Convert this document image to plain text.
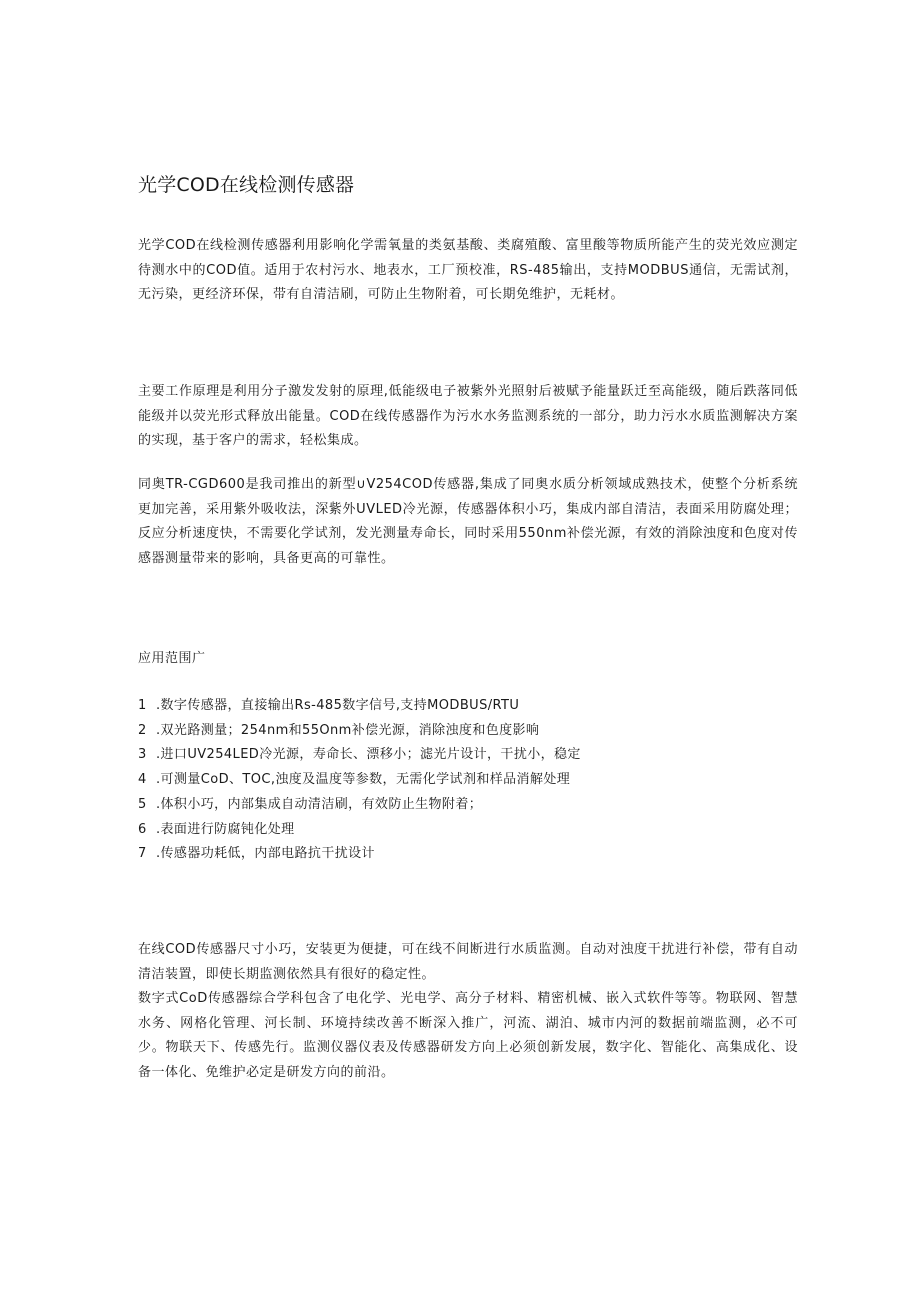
光学COD在线检测传感器

光学COD在线检测传感器利用影响化学需氧量的类氨基酸、类腐殖酸、富里酸等物质所能产生的荧光效应测定待测水中的COD值。适用于农村污水、地表水，工厂预校准，RS-485输出，支持MODBUS通信，无需试剂，无污染，更经济环保，带有自清洁刷，可防止生物附着，可长期免维护，无耗材。

主要工作原理是利用分子激发发射的原理,低能级电子被紫外光照射后被赋予能量跃迁至高能级，随后跌落同低能级并以荧光形式释放出能量。COD在线传感器作为污水水务监测系统的一部分，助力污水水质监测解决方案的实现，基于客户的需求，轻松集成。

同奥TR-CGD600是我司推出的新型∪V254COD传感器,集成了同奥水质分析领域成熟技术，使整个分析系统更加完善，采用紫外吸收法，深紫外UVLED冷光源，传感器体积小巧，集成内部自清洁，表面采用防腐处理；反应分析速度快，不需要化学试剂，发光测量寿命长，同时采用550nm补偿光源，有效的消除浊度和色度对传感器测量带来的影响，具备更高的可靠性。

应用范围广
1 .数字传感器，直接输出Rs-485数字信号,支持MODBUS/RTU
2 .双光路测量；254nm和55Onm补偿光源，消除浊度和色度影响
3 .进口UV254LED冷光源，寿命长、漂移小；滤光片设计，干扰小，稳定
4 .可测量CoD、TOC,浊度及温度等参数，无需化学试剂和样品消解处理
5 .体积小巧，内部集成自动清洁刷，有效防止生物附着；
6 .表面进行防腐钝化处理
7 .传感器功耗低，内部电路抗干扰设计

在线COD传感器尺寸小巧，安装更为便捷，可在线不间断进行水质监测。自动对浊度干扰进行补偿，带有自动清洁装置，即使长期监测依然具有很好的稳定性。

数字式CoD传感器综合学科包含了电化学、光电学、高分子材料、精密机械、嵌入式软件等等。物联网、智慧水务、网格化管理、河长制、环境持续改善不断深入推广，河流、湖泊、城市内河的数据前端监测，必不可少。物联天下、传感先行。监测仪器仪表及传感器研发方向上必须创新发展，数字化、智能化、高集成化、设备一体化、免维护必定是研发方向的前沿。
